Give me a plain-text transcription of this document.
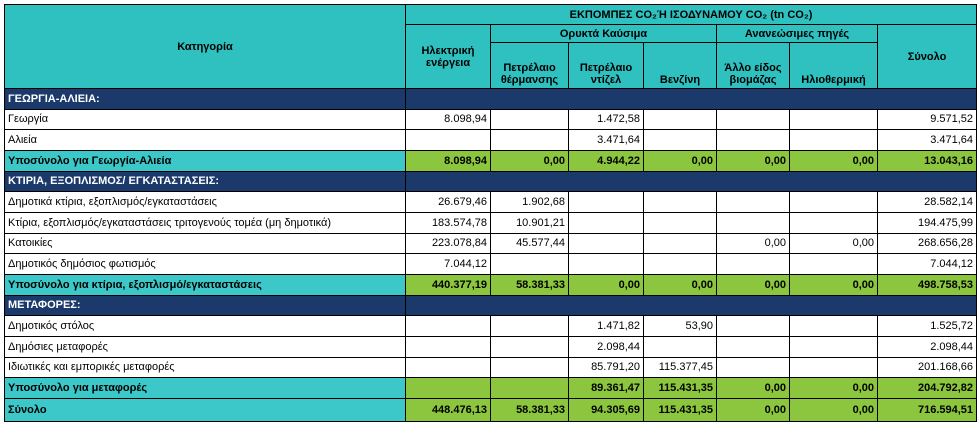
Κατηγορία	ΕΚΠΟΜΠΕΣ CO₂Ή ΙΣΟΔΥΝΑΜΟΥ CO₂ (tn CO₂)						
	Ηλεκτρική ενέργεια	Ορυκτά Καύσιμα			Ανανεώσιμες πηγές		Σύνολο
		Πετρέλαιο θέρμανσης	Πετρέλαιο ντίζελ	Βενζίνη	Άλλο είδος βιομάζας	Ηλιοθερμική	
ΓΕΩΡΓΙΑ-ΑΛΙΕΙΑ:							
Γεωργία	8.098,94		1.472,58				9.571,52
Αλιεία			3.471,64				3.471,64
Υποσύνολο για Γεωργία-Αλιεία	8.098,94	0,00	4.944,22	0,00	0,00	0,00	13.043,16
ΚΤΙΡΙΑ, ΕΞΟΠΛΙΣΜΟΣ/ ΕΓΚΑΤΑΣΤΑΣΕΙΣ:							
Δημοτικά κτίρια, εξοπλισμός/εγκαταστάσεις	26.679,46	1.902,68					28.582,14
Κτίρια, εξοπλισμός/εγκαταστάσεις τριτογενούς τομέα (μη δημοτικά)	183.574,78	10.901,21					194.475,99
Κατοικίες	223.078,84	45.577,44			0,00	0,00	268.656,28
Δημοτικός δημόσιος φωτισμός	7.044,12						7.044,12
Υποσύνολο για κτίρια, εξοπλισμό/εγκαταστάσεις	440.377,19	58.381,33	0,00	0,00	0,00	0,00	498.758,53
ΜΕΤΑΦΟΡΕΣ:							
Δημοτικός στόλος			1.471,82	53,90			1.525,72
Δημόσιες μεταφορές			2.098,44				2.098,44
Ιδιωτικές και εμπορικές μεταφορές			85.791,20	115.377,45			201.168,66
Υποσύνολο για μεταφορές			89.361,47	115.431,35	0,00	0,00	204.792,82
Σύνολο	448.476,13	58.381,33	94.305,69	115.431,35	0,00	0,00	716.594,51
